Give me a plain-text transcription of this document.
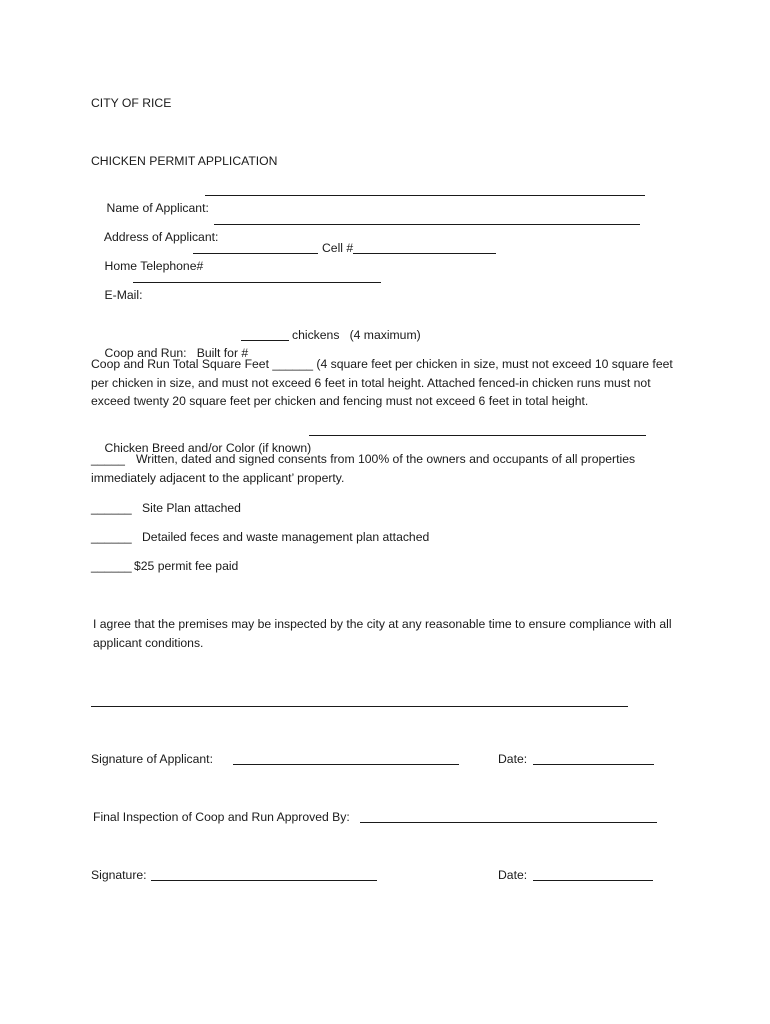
CITY OF RICE
CHICKEN PERMIT APPLICATION

Name of Applicant:

Address of Applicant:

Home Telephone#

Cell #

E-Mail:

Coop and Run:   Built for #

chickens   (4 maximum)
Coop and Run Total Square Feet ______ (4 square feet per chicken in size, must not exceed 10 square feet per chicken in size, and must not exceed 6 feet in total height. Attached fenced-in chicken runs must not exceed twenty 20 square feet per chicken and fencing must not exceed 6 feet in total height.

Chicken Breed and/or Color (if known)

_____ Written, dated and signed consents from 100% of the owners and occupants of all properties immediately adjacent to the applicant’ property.
______ Site Plan attached
______ Detailed feces and waste management plan attached
______ $25 permit fee paid
I agree that the premises may be inspected by the city at any reasonable time to ensure compliance with all applicant conditions.
Signature of Applicant:	Date:
Final Inspection of Coop and Run Approved By:
Signature:	Date:
